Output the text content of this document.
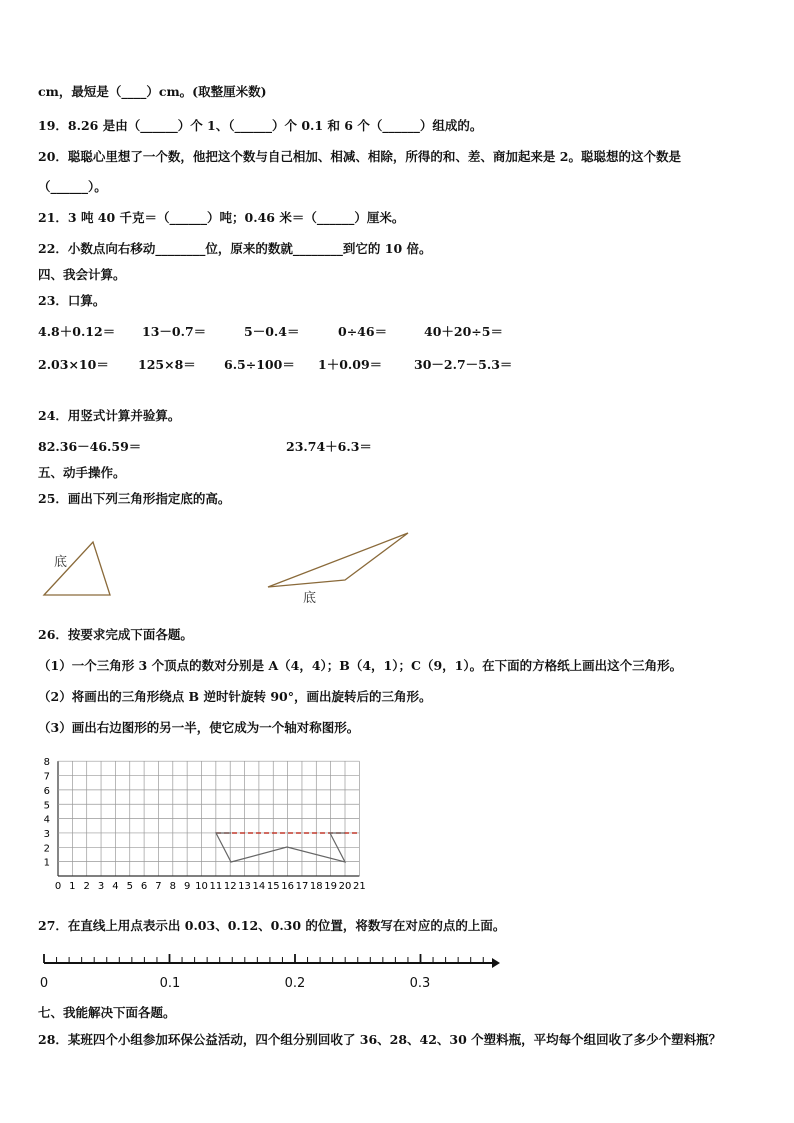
cm，最短是（____）cm。(取整厘米数)
19．8.26 是由（______）个 1、（______）个 0.1 和 6 个（______）组成的。
20．聪聪心里想了一个数，他把这个数与自己相加、相减、相除，所得的和、差、商加起来是 2。聪聪想的这个数是
（______）。
21．3 吨 40 千克＝（______）吨；0.46 米＝（______）厘米。
22．小数点向右移动________位，原来的数就________到它的 10 倍。
四、我会计算。
23．口算。
4.8＋0.12＝ 13－0.7＝	5－0.4＝	0÷46＝	40＋20÷5＝
2.03×10＝ 125×8＝ 6.5÷100＝ 1＋0.09＝	30－2.7－5.3＝
24．用竖式计算并验算。
82.36－46.59＝	23.74＋6.3＝
五、动手操作。
25．画出下列三角形指定底的高。
底
底
26．按要求完成下面各题。
（1）一个三角形 3 个顶点的数对分别是 A（4，4）；B（4，1）；C（9，1）。在下面的方格纸上画出这个三角形。
（2）将画出的三角形绕点 B 逆时针旋转 90°，画出旋转后的三角形。
（3）画出右边图形的另一半，使它成为一个轴对称图形。
0 1 2 3 4 5 6 7 8 9 10 11 12 13 14 15 16 17 18 19 20 21
1
2
3
4
5
6
7
8
27．在直线上用点表示出 0.03、0.12、0.30 的位置，将数写在对应的点的上面。
0	0.1	0.2	0.3
七、我能解决下面各题。
28．某班四个小组参加环保公益活动，四个组分别回收了 36、28、42、30 个塑料瓶，平均每个组回收了多少个塑料瓶？
